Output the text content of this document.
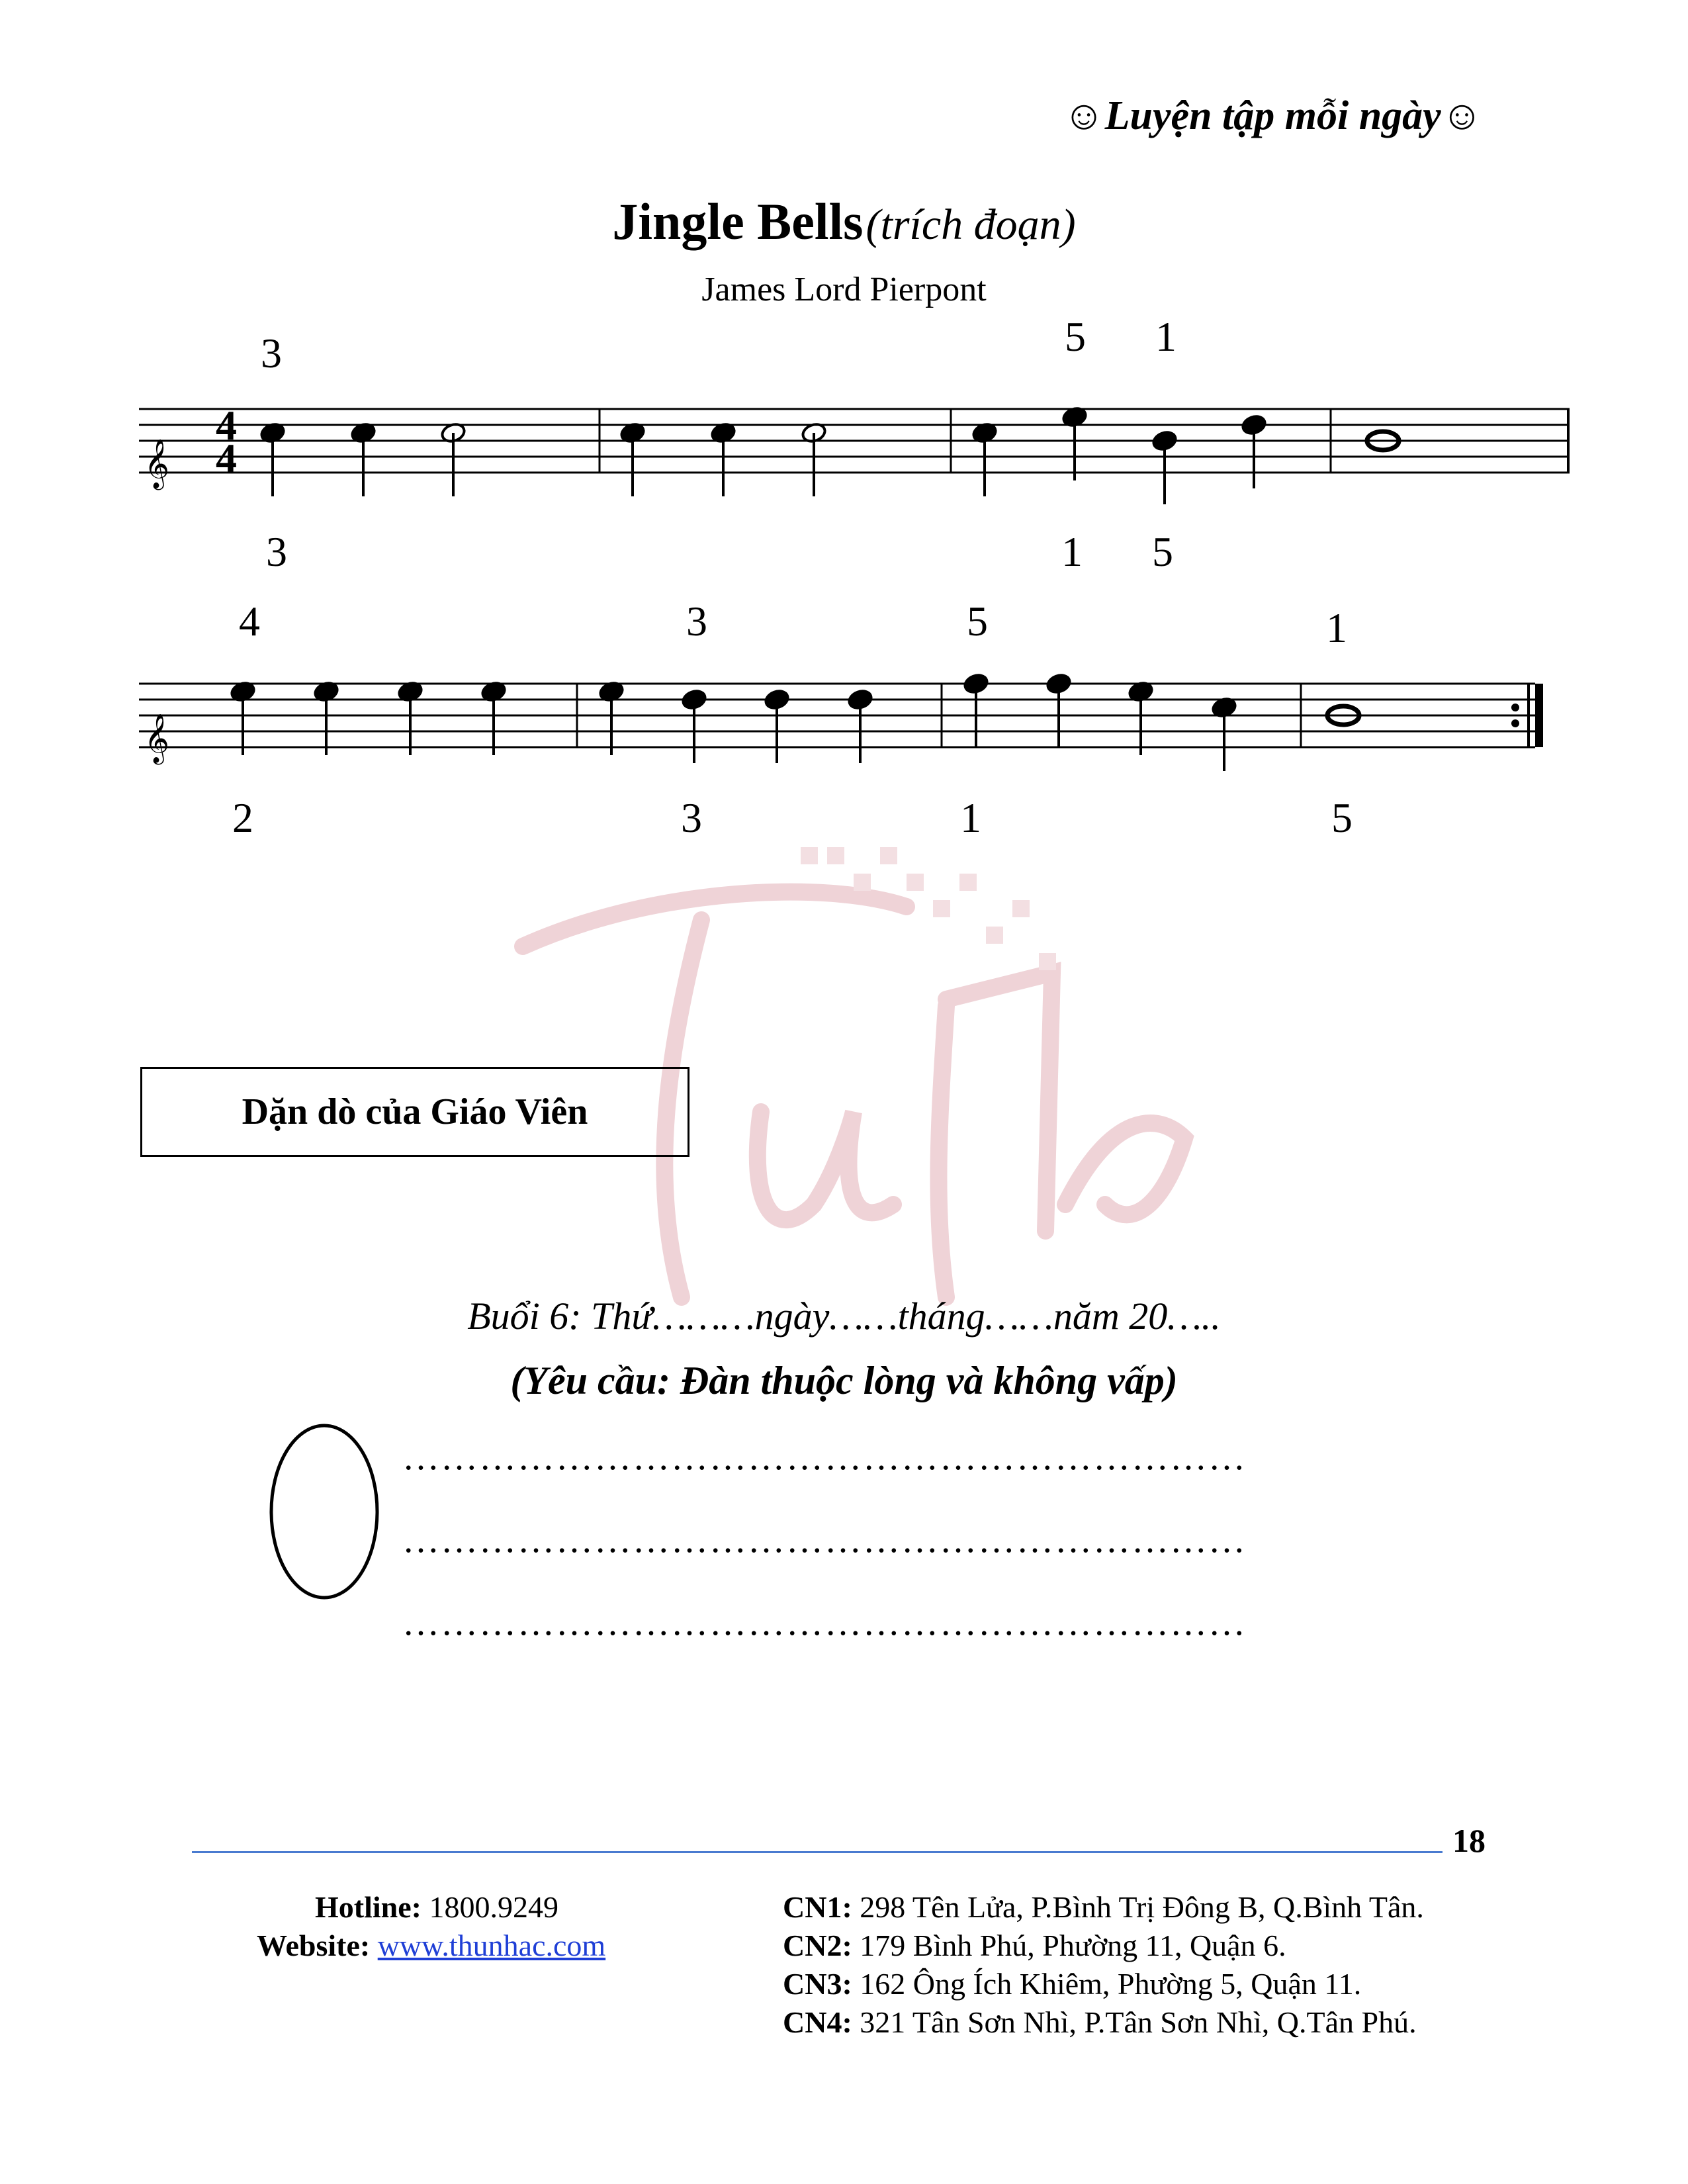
☺Luyện tập mỗi ngày☺
Jingle Bells (trích đoạn)
James Lord Pierpont
𝄞
4
4
3	5 1
3	1 5
𝄞
4	3	5	1
2	3	1	5
Dặn dò của Giáo Viên
Buổi 6: Thứ………ngày……tháng……năm 20…..
(Yêu cầu: Đàn thuộc lòng và không vấp)
…………………………………………………………
…………………………………………………………
…………………………………………………………
18
Hotline: 1800.9249
Website: www.thunhac.com
CN1: 298 Tên Lửa, P.Bình Trị Đông B, Q.Bình Tân.
CN2: 179 Bình Phú, Phường 11, Quận 6.
CN3: 162 Ông Ích Khiêm, Phường 5, Quận 11.
CN4: 321 Tân Sơn Nhì, P.Tân Sơn Nhì, Q.Tân Phú.
